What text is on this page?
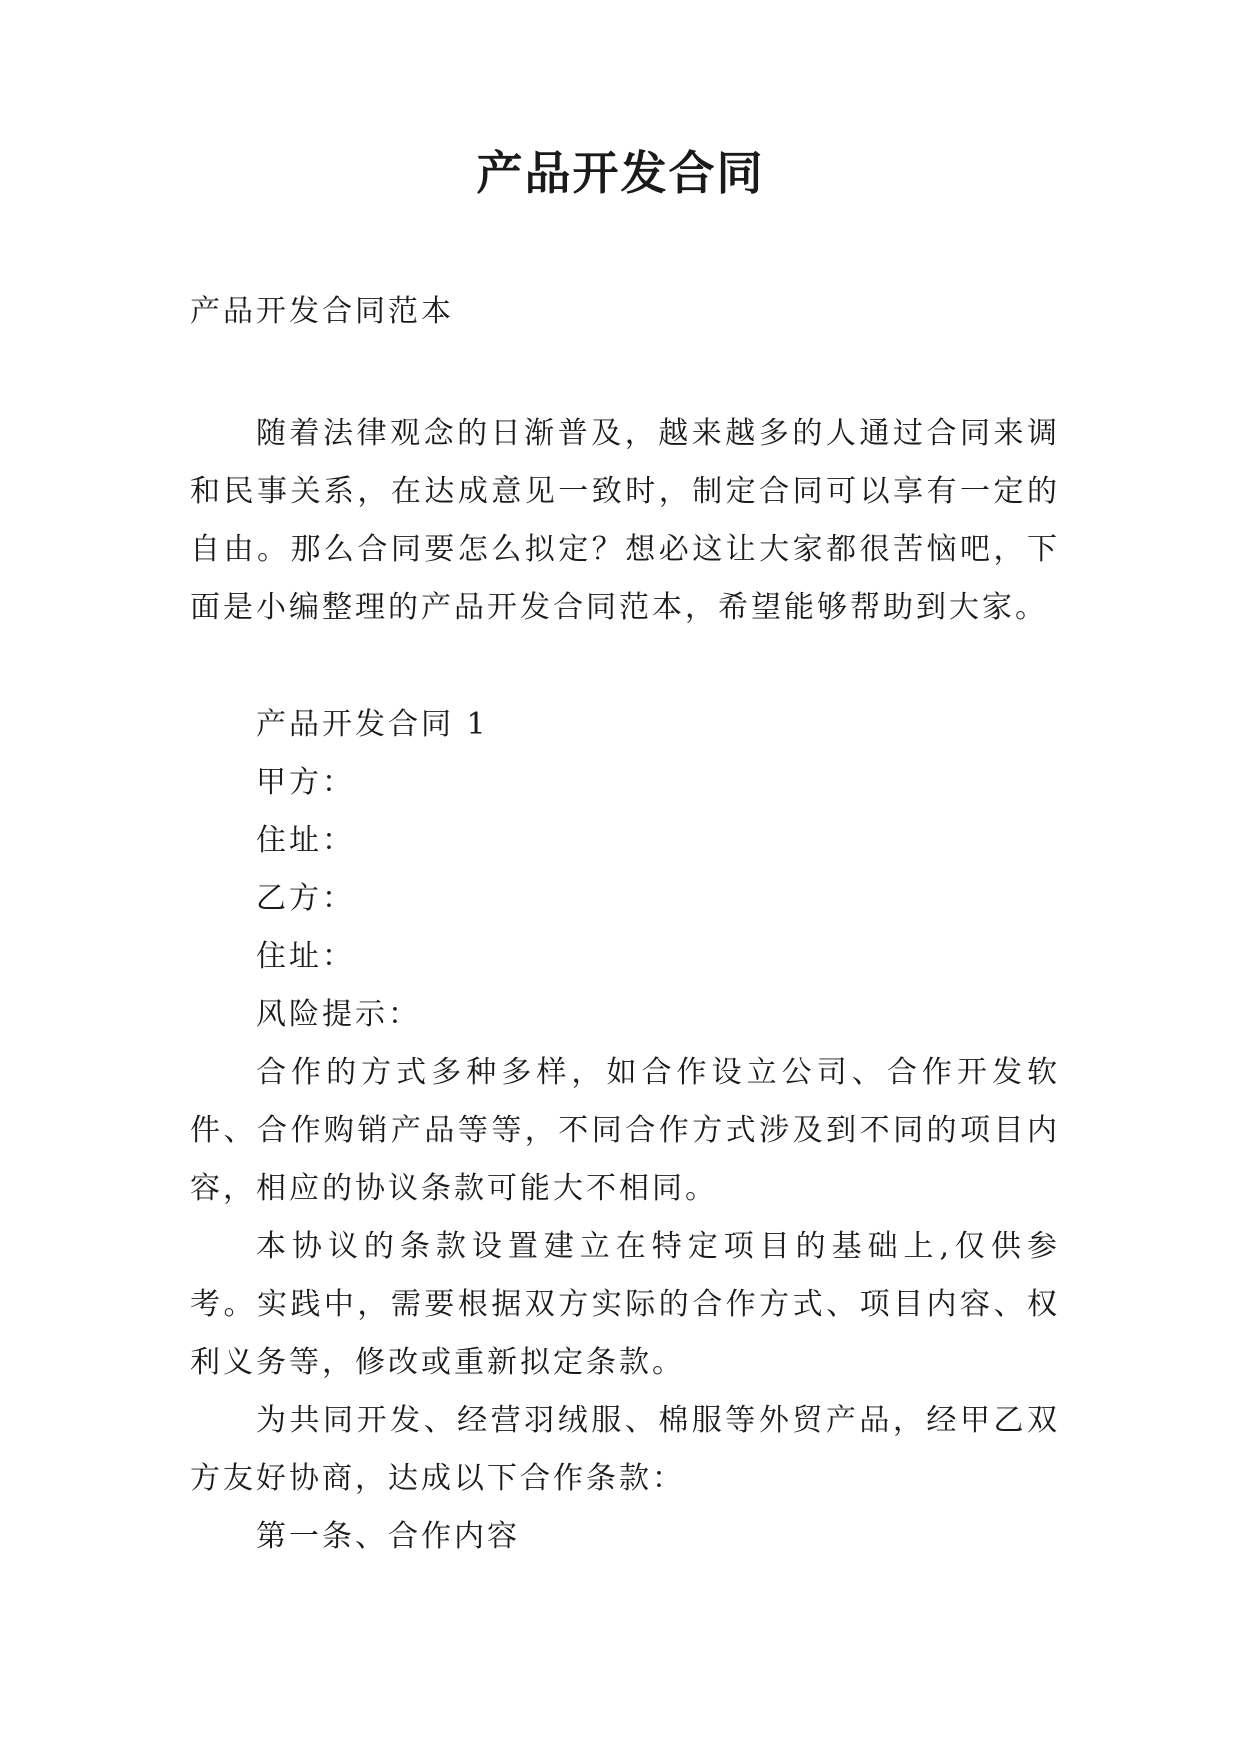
产品开发合同
产品开发合同范本

随着法律观念的日渐普及，越来越多的人通过合同来调和民事关系，在达成意见一致时，制定合同可以享有一定的自由。那么合同要怎么拟定？想必这让大家都很苦恼吧，下面是小编整理的产品开发合同范本，希望能够帮助到大家。

产品开发合同 1

甲方：

住址：

乙方：

住址：

风险提示：

合作的方式多种多样，如合作设立公司、合作开发软件、合作购销产品等等，不同合作方式涉及到不同的项目内容，相应的协议条款可能大不相同。

本协议的条款设置建立在特定项目的基础上,仅供参考。实践中，需要根据双方实际的合作方式、项目内容、权利义务等，修改或重新拟定条款。

为共同开发、经营羽绒服、棉服等外贸产品，经甲乙双方友好协商，达成以下合作条款：

第一条、合作内容
